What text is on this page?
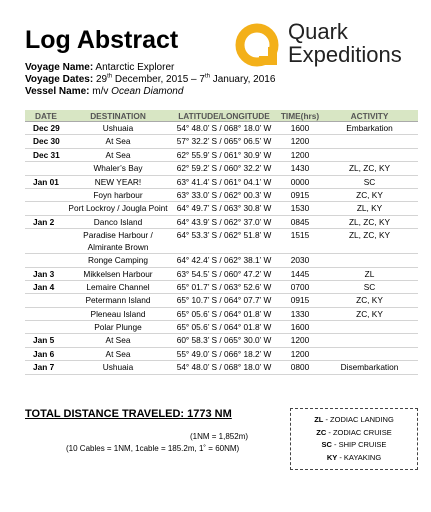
Log Abstract	Quark
Expeditions
Voyage Name: Antarctic Explorer
Voyage Dates: 29th December, 2015 – 7th January, 2016
Vessel Name: m/v Ocean Diamond
DATE	DESTINATION	LATITUDE/LONGITUDE	TIME(hrs)	ACTIVITY
Dec 29	Ushuaia	54° 48.0’ S / 068° 18.0’ W	1600	Embarkation
Dec 30	At Sea	57° 32.2’ S / 065° 06.5’ W	1200	
Dec 31	At Sea	62° 55.9’ S / 061° 30.9’ W	1200	
	Whaler’s Bay	62° 59.2’ S / 060° 32.2’ W	1430	ZL, ZC, KY
Jan 01	NEW YEAR!	63° 41.4’ S / 061° 04.1’ W	0000	SC
	Foyn harbour	63° 33.0’ S / 062° 00.3’ W	0915	ZC, KY
	Port Lockroy / Jougla Point	64° 49.7’ S / 063° 30.8’ W	1530	ZL, KY
Jan 2	Danco Island	64° 43.9’ S / 062° 37.0’ W	0845	ZL, ZC, KY
	Paradise Harbour / Almirante Brown	64° 53.3’ S / 062° 51.8’ W	1515	ZL, ZC, KY
	Ronge Camping	64° 42.4’ S / 062° 38.1’ W	2030	
Jan 3	Mikkelsen Harbour	63° 54.5’ S / 060° 47.2’ W	1445	ZL
Jan 4	Lemaire Channel	65° 01.7’ S / 063° 52.6’ W	0700	SC
	Petermann Island	65° 10.7’ S / 064° 07.7’ W	0915	ZC, KY
	Pleneau Island	65° 05.6’ S / 064° 01.8’ W	1330	ZC, KY
	Polar Plunge	65° 05.6’ S / 064° 01.8’ W	1600	
Jan 5	At Sea	60° 58.3’ S / 065° 30.0’ W	1200	
Jan 6	At Sea	55° 49.0’ S / 066° 18.2’ W	1200	
Jan 7	Ushuaia	54° 48.0’ S / 068° 18.0’ W	0800	Disembarkation
TOTAL DISTANCE TRAVELED: 1773 NM
(1NM = 1,852m)
(10 Cables = 1NM, 1cable = 185.2m, 1˚ = 60NM)
ZL - ZODIAC LANDING
ZC - ZODIAC CRUISE
SC - SHIP CRUISE
KY - KAYAKING
